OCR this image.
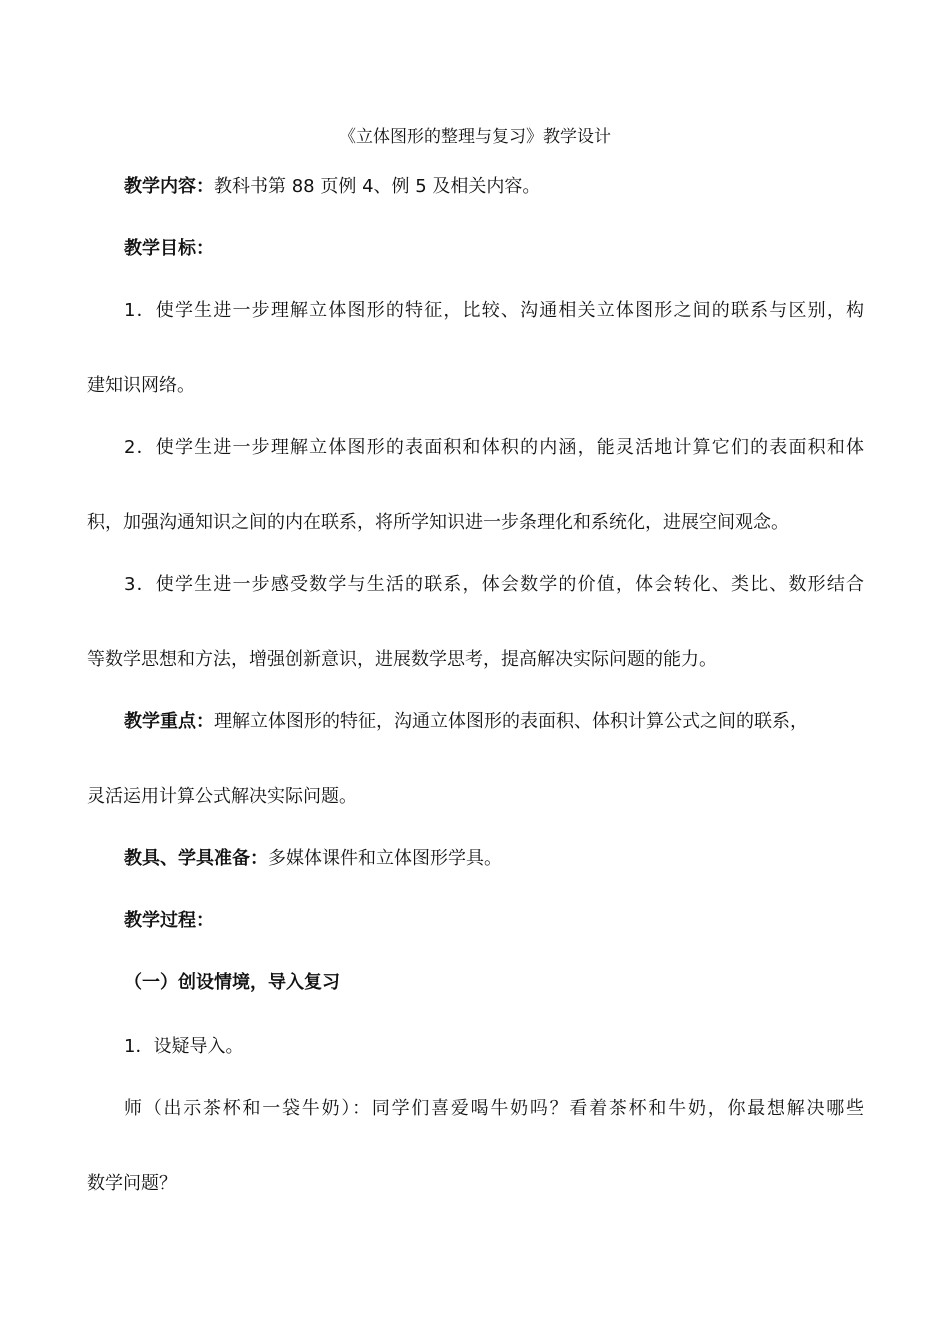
《立体图形的整理与复习》教学设计
教学内容：教科书第 88 页例 4、例 5 及相关内容。
教学目标：
1．使学生进一步理解立体图形的特征，比较、沟通相关立体图形之间的联系与区别，构
建知识网络。
2．使学生进一步理解立体图形的表面积和体积的内涵，能灵活地计算它们的表面积和体
积，加强沟通知识之间的内在联系，将所学知识进一步条理化和系统化，进展空间观念。
3．使学生进一步感受数学与生活的联系，体会数学的价值，体会转化、类比、数形结合
等数学思想和方法，增强创新意识，进展数学思考，提高解决实际问题的能力。
教学重点：理解立体图形的特征，沟通立体图形的表面积、体积计算公式之间的联系，
灵活运用计算公式解决实际问题。
教具、学具准备：多媒体课件和立体图形学具。
教学过程：
（一）创设情境，导入复习
1．设疑导入。
师（出示茶杯和一袋牛奶）：同学们喜爱喝牛奶吗？看着茶杯和牛奶，你最想解决哪些
数学问题？
